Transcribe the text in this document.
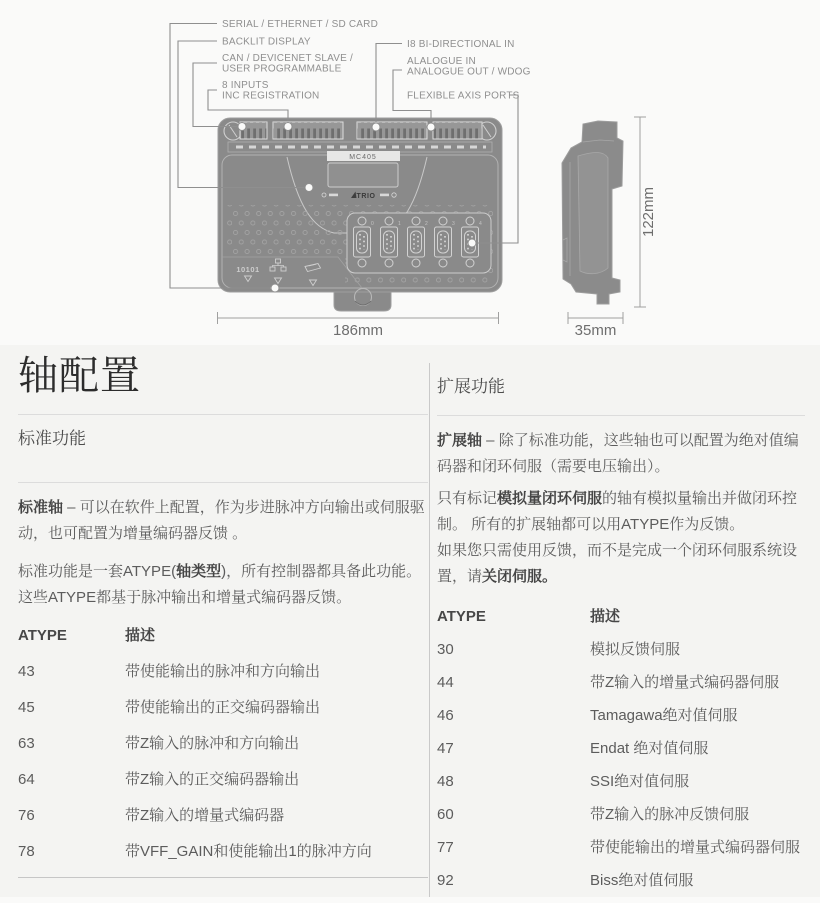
MC405
TRIO
0	1	2	3	4
10101
SERIAL / ETHERNET / SD CARD
BACKLIT DISPLAY
CAN / DEVICENET SLAVE /
USER PROGRAMMABLE
8 INPUTS
INC REGISTRATION
I8 BI-DIRECTIONAL IN
ALALOGUE IN
ANALOGUE OUT / WDOG
FLEXIBLE AXIS PORTS
186mm	35mm
122mm
轴配置
标准功能

标准轴 – 可以在软件上配置，作为步进脉冲方向输出或伺服驱动，也可配置为增量编码器反馈 。

标准功能是一套ATYPE(轴类型)，所有控制器都具备此功能。这些ATYPE都基于脉冲输出和增量式编码器反馈。

ATYPE	描述
43	带使能输出的脉冲和方向输出
45	带使能输出的正交编码器输出
63	带Z输入的脉冲和方向输出
64	带Z输入的正交编码器输出
76	带Z输入的增量式编码器
78	带VFF_GAIN和使能输出1的脉冲方向
扩展功能

扩展轴 – 除了标准功能，这些轴也可以配置为绝对值编码器和闭环伺服（需要电压输出）。

只有标记模拟量闭环伺服的轴有模拟量输出并做闭环控制。 所有的扩展轴都可以用ATYPE作为反馈。

如果您只需使用反馈，而不是完成一个闭环伺服系统设置，请关闭伺服。

ATYPE	描述
30	模拟反馈伺服
44	带Z输入的增量式编码器伺服
46	Tamagawa绝对值伺服
47	Endat 绝对值伺服
48	SSI绝对值伺服
60	带Z输入的脉冲反馈伺服
77	带使能输出的增量式编码器伺服
92	Biss绝对值伺服
